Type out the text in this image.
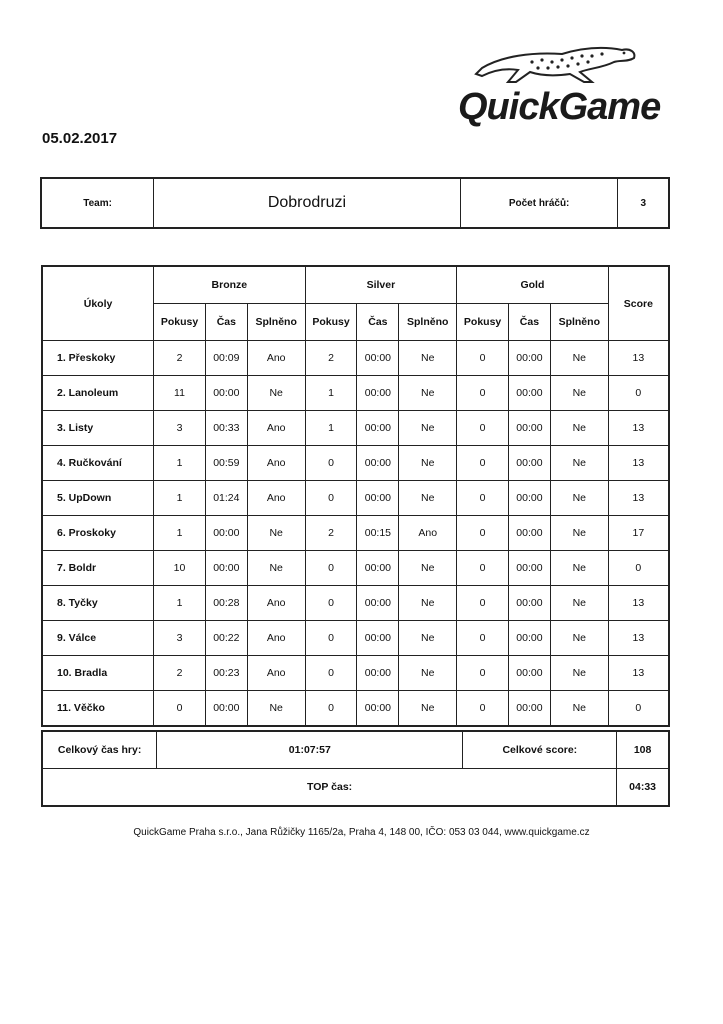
QuickGame
05.02.2017
Team:	Dobrodruzi	Počet hráčů:	3
Úkoly	Bronze			Silver			Gold			Score
	Pokusy	Čas	Splněno	Pokusy	Čas	Splněno	Pokusy	Čas	Splněno	
1. Přeskoky	2	00:09	Ano	2	00:00	Ne	0	00:00	Ne	13
2. Lanoleum	11	00:00	Ne	1	00:00	Ne	0	00:00	Ne	0
3. Listy	3	00:33	Ano	1	00:00	Ne	0	00:00	Ne	13
4. Ručkování	1	00:59	Ano	0	00:00	Ne	0	00:00	Ne	13
5. UpDown	1	01:24	Ano	0	00:00	Ne	0	00:00	Ne	13
6. Proskoky	1	00:00	Ne	2	00:15	Ano	0	00:00	Ne	17
7. Boldr	10	00:00	Ne	0	00:00	Ne	0	00:00	Ne	0
8. Tyčky	1	00:28	Ano	0	00:00	Ne	0	00:00	Ne	13
9. Válce	3	00:22	Ano	0	00:00	Ne	0	00:00	Ne	13
10. Bradla	2	00:23	Ano	0	00:00	Ne	0	00:00	Ne	13
11. Věčko	0	00:00	Ne	0	00:00	Ne	0	00:00	Ne	0
Celkový čas hry:	01:07:57	Celkové score:	108
TOP čas:			04:33
QuickGame Praha s.r.o., Jana Růžičky 1165/2a, Praha 4, 148 00, IČO: 053 03 044, www.quickgame.cz
